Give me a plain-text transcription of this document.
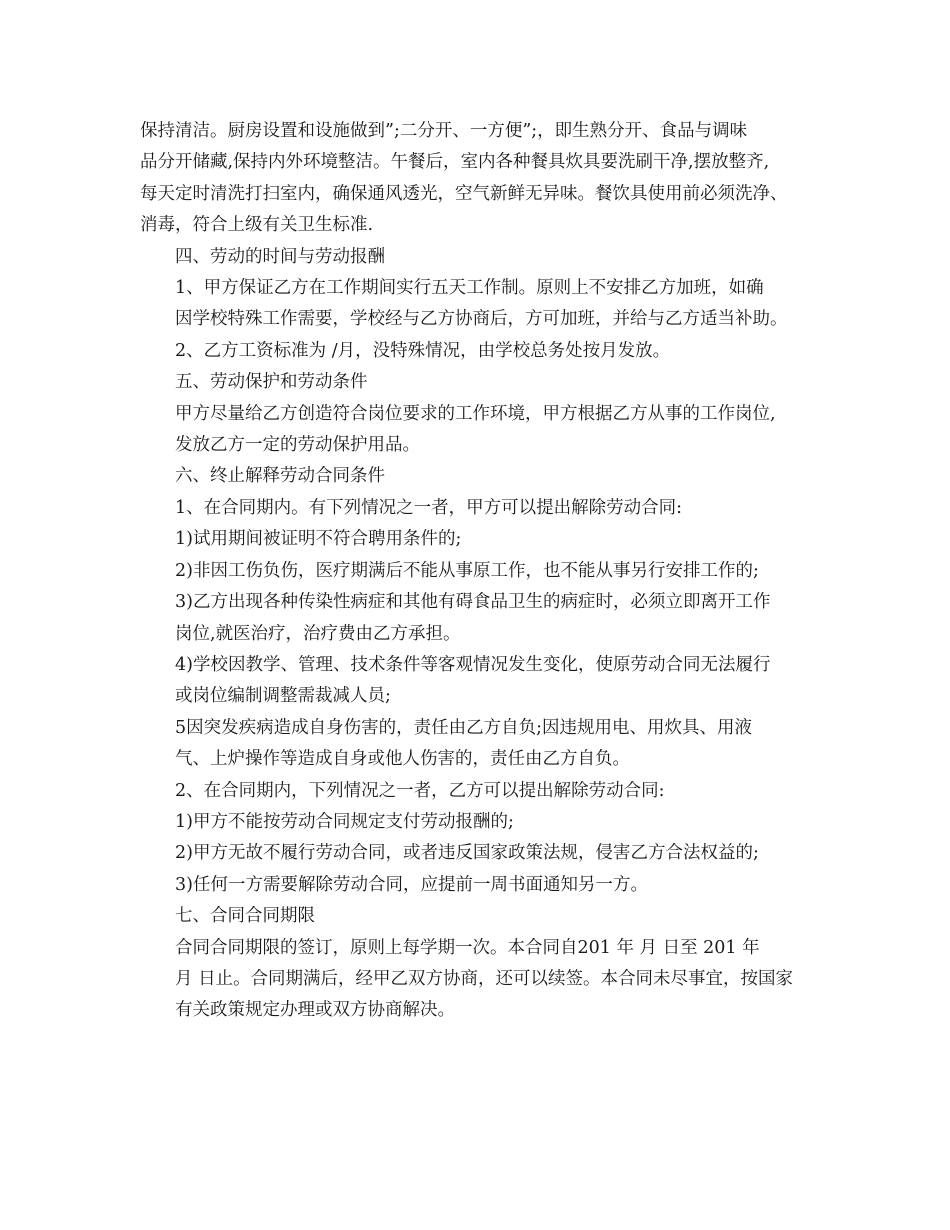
保持清洁。厨房设置和设施做到”;二分开、一方便”;，即生熟分开、食品与调味
品分开储藏,保持内外环境整洁。午餐后，室内各种餐具炊具要洗刷干净,摆放整齐,
每天定时清洗打扫室内，确保通风透光，空气新鲜无异味。餐饮具使用前必须洗净、
消毒，符合上级有关卫生标准.
四、劳动的时间与劳动报酬
1、甲方保证乙方在工作期间实行五天工作制。原则上不安排乙方加班，如确
因学校特殊工作需要，学校经与乙方协商后，方可加班，并给与乙方适当补助。
2、乙方工资标准为 /月，没特殊情况，由学校总务处按月发放。
五、劳动保护和劳动条件
甲方尽量给乙方创造符合岗位要求的工作环境，甲方根据乙方从事的工作岗位,
发放乙方一定的劳动保护用品。
六、终止解释劳动合同条件
1、在合同期内。有下列情况之一者，甲方可以提出解除劳动合同:
1)试用期间被证明不符合聘用条件的;
2)非因工伤负伤，医疗期满后不能从事原工作，也不能从事另行安排工作的;
3)乙方出现各种传染性病症和其他有碍食品卫生的病症时，必须立即离开工作
岗位,就医治疗，治疗费由乙方承担。
4)学校因教学、管理、技术条件等客观情况发生变化，使原劳动合同无法履行
或岗位编制调整需裁减人员;
5因突发疾病造成自身伤害的，责任由乙方自负;因违规用电、用炊具、用液
气、上炉操作等造成自身或他人伤害的，责任由乙方自负。
2、在合同期内，下列情况之一者，乙方可以提出解除劳动合同:
1)甲方不能按劳动合同规定支付劳动报酬的;
2)甲方无故不履行劳动合同，或者违反国家政策法规，侵害乙方合法权益的;
3)任何一方需要解除劳动合同，应提前一周书面通知另一方。
七、合同合同期限
合同合同期限的签订，原则上每学期一次。本合同自201 年 月 日至 201 年
月 日止。合同期满后，经甲乙双方协商，还可以续签。本合同未尽事宜，按国家
有关政策规定办理或双方协商解决。
